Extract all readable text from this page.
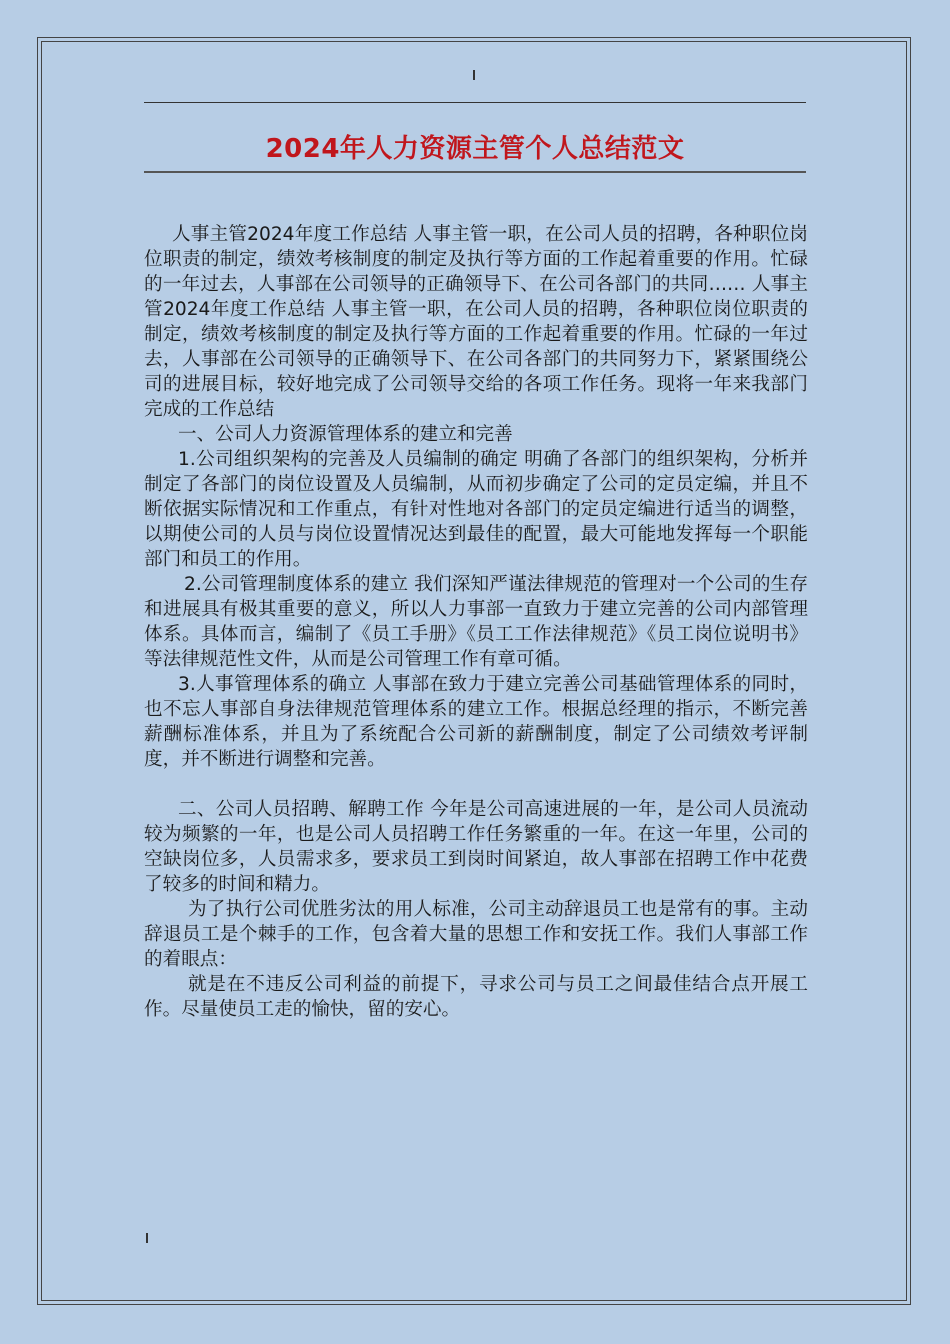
2024年人力资源主管个人总结范文

人事主管2024年度工作总结 人事主管一职，在公司人员的招聘，各种职位岗位职责的制定，绩效考核制度的制定及执行等方面的工作起着重要的作用。忙碌的一年过去，人事部在公司领导的正确领导下、在公司各部门的共同…… 人事主管2024年度工作总结 人事主管一职，在公司人员的招聘，各种职位岗位职责的制定，绩效考核制度的制定及执行等方面的工作起着重要的作用。忙碌的一年过去，人事部在公司领导的正确领导下、在公司各部门的共同努力下，紧紧围绕公司的进展目标，较好地完成了公司领导交给的各项工作任务。现将一年来我部门完成的工作总结

一、公司人力资源管理体系的建立和完善

1.公司组织架构的完善及人员编制的确定 明确了各部门的组织架构，分析并制定了各部门的岗位设置及人员编制，从而初步确定了公司的定员定编，并且不断依据实际情况和工作重点，有针对性地对各部门的定员定编进行适当的调整，以期使公司的人员与岗位设置情况达到最佳的配置，最大可能地发挥每一个职能部门和员工的作用。

2.公司管理制度体系的建立 我们深知严谨法律规范的管理对一个公司的生存和进展具有极其重要的意义，所以人力事部一直致力于建立完善的公司内部管理体系。具体而言，编制了《员工手册》《员工工作法律规范》《员工岗位说明书》等法律规范性文件，从而是公司管理工作有章可循。

3.人事管理体系的确立 人事部在致力于建立完善公司基础管理体系的同时，也不忘人事部自身法律规范管理体系的建立工作。根据总经理的指示，不断完善薪酬标准体系，并且为了系统配合公司新的薪酬制度，制定了公司绩效考评制度，并不断进行调整和完善。

二、公司人员招聘、解聘工作 今年是公司高速进展的一年，是公司人员流动较为频繁的一年，也是公司人员招聘工作任务繁重的一年。在这一年里，公司的空缺岗位多，人员需求多，要求员工到岗时间紧迫，故人事部在招聘工作中花费了较多的时间和精力。

为了执行公司优胜劣汰的用人标准，公司主动辞退员工也是常有的事。主动辞退员工是个棘手的工作，包含着大量的思想工作和安抚工作。我们人事部工作的着眼点：

就是在不违反公司利益的前提下，寻求公司与员工之间最佳结合点开展工作。尽量使员工走的愉快，留的安心。
